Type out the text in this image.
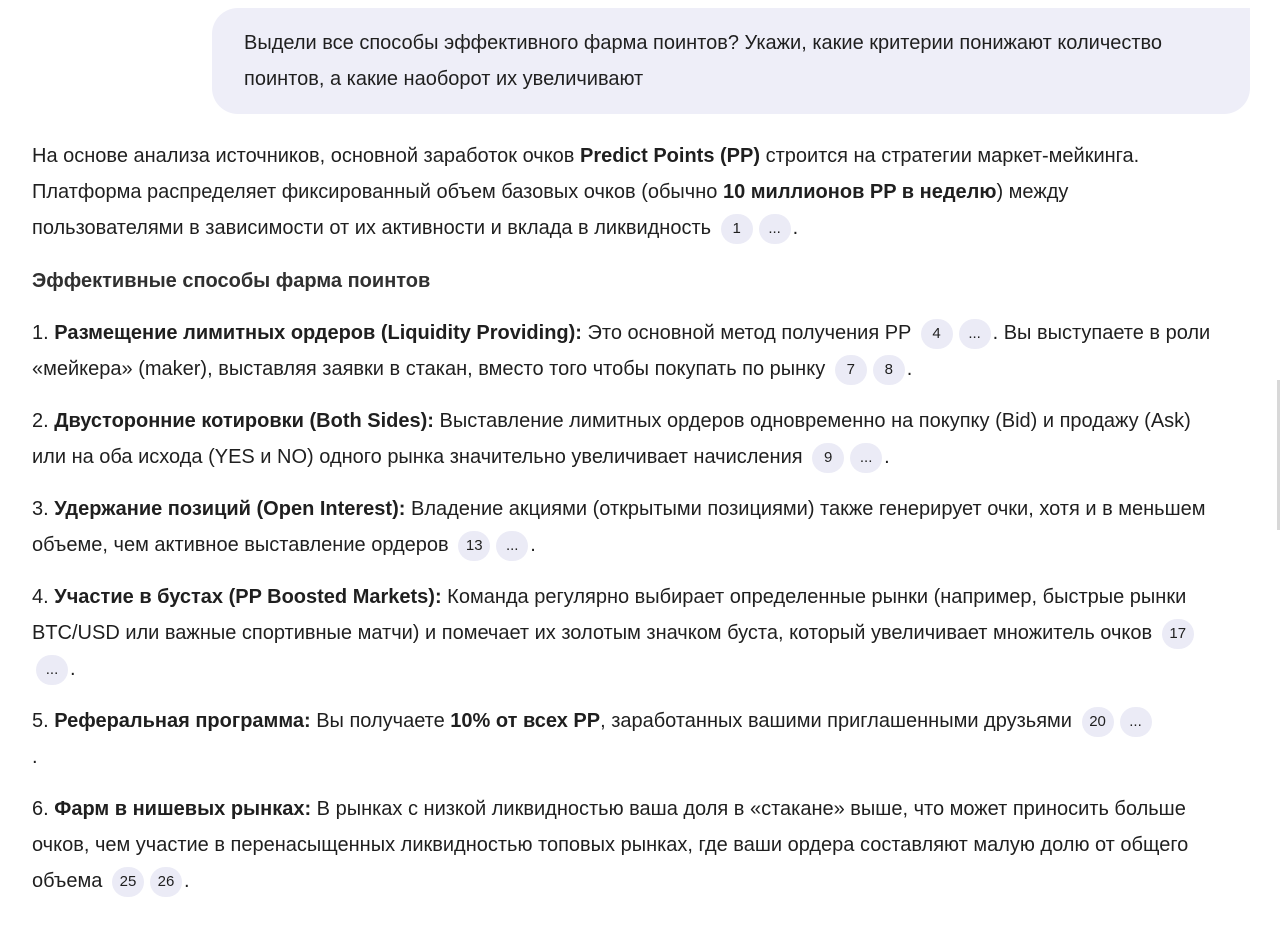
Выдели все способы эффективного фарма поинтов? Укажи, какие критерии понижают количество поинтов, а какие наоборот их увеличивают

На основе анализа источников, основной заработок очков Predict Points (PP) строится на стратегии маркет-мейкинга. Платформа распределяет фиксированный объем базовых очков (обычно 10 миллионов PP в неделю) между пользователями в зависимости от их активности и вклада в ликвидность 1 ... .

Эффективные способы фарма поинтов

1. Размещение лимитных ордеров (Liquidity Providing): Это основной метод получения PP 4 ... . Вы выступаете в роли «мейкера» (maker), выставляя заявки в стакан, вместо того чтобы покупать по рынку 7 8 .

2. Двусторонние котировки (Both Sides): Выставление лимитных ордеров одновременно на покупку (Bid) и продажу (Ask) или на оба исхода (YES и NO) одного рынка значительно увеличивает начисления 9 ... .

3. Удержание позиций (Open Interest): Владение акциями (открытыми позициями) также генерирует очки, хотя и в меньшем объеме, чем активное выставление ордеров 13 ... .

4. Участие в бустах (PP Boosted Markets): Команда регулярно выбирает определенные рынки (например, быстрые рынки BTC/USD или важные спортивные матчи) и помечает их золотым значком буста, который увеличивает множитель очков 17... .

5. Реферальная программа: Вы получаете 10% от всех PP, заработанных вашими приглашенными друзьями 20 ...
.

6. Фарм в нишевых рынках: В рынках с низкой ликвидностью ваша доля в «стакане» выше, что может приносить больше очков, чем участие в перенасыщенных ликвидностью топовых рынках, где ваши ордера составляют малую долю от общего объема 25 26 .
